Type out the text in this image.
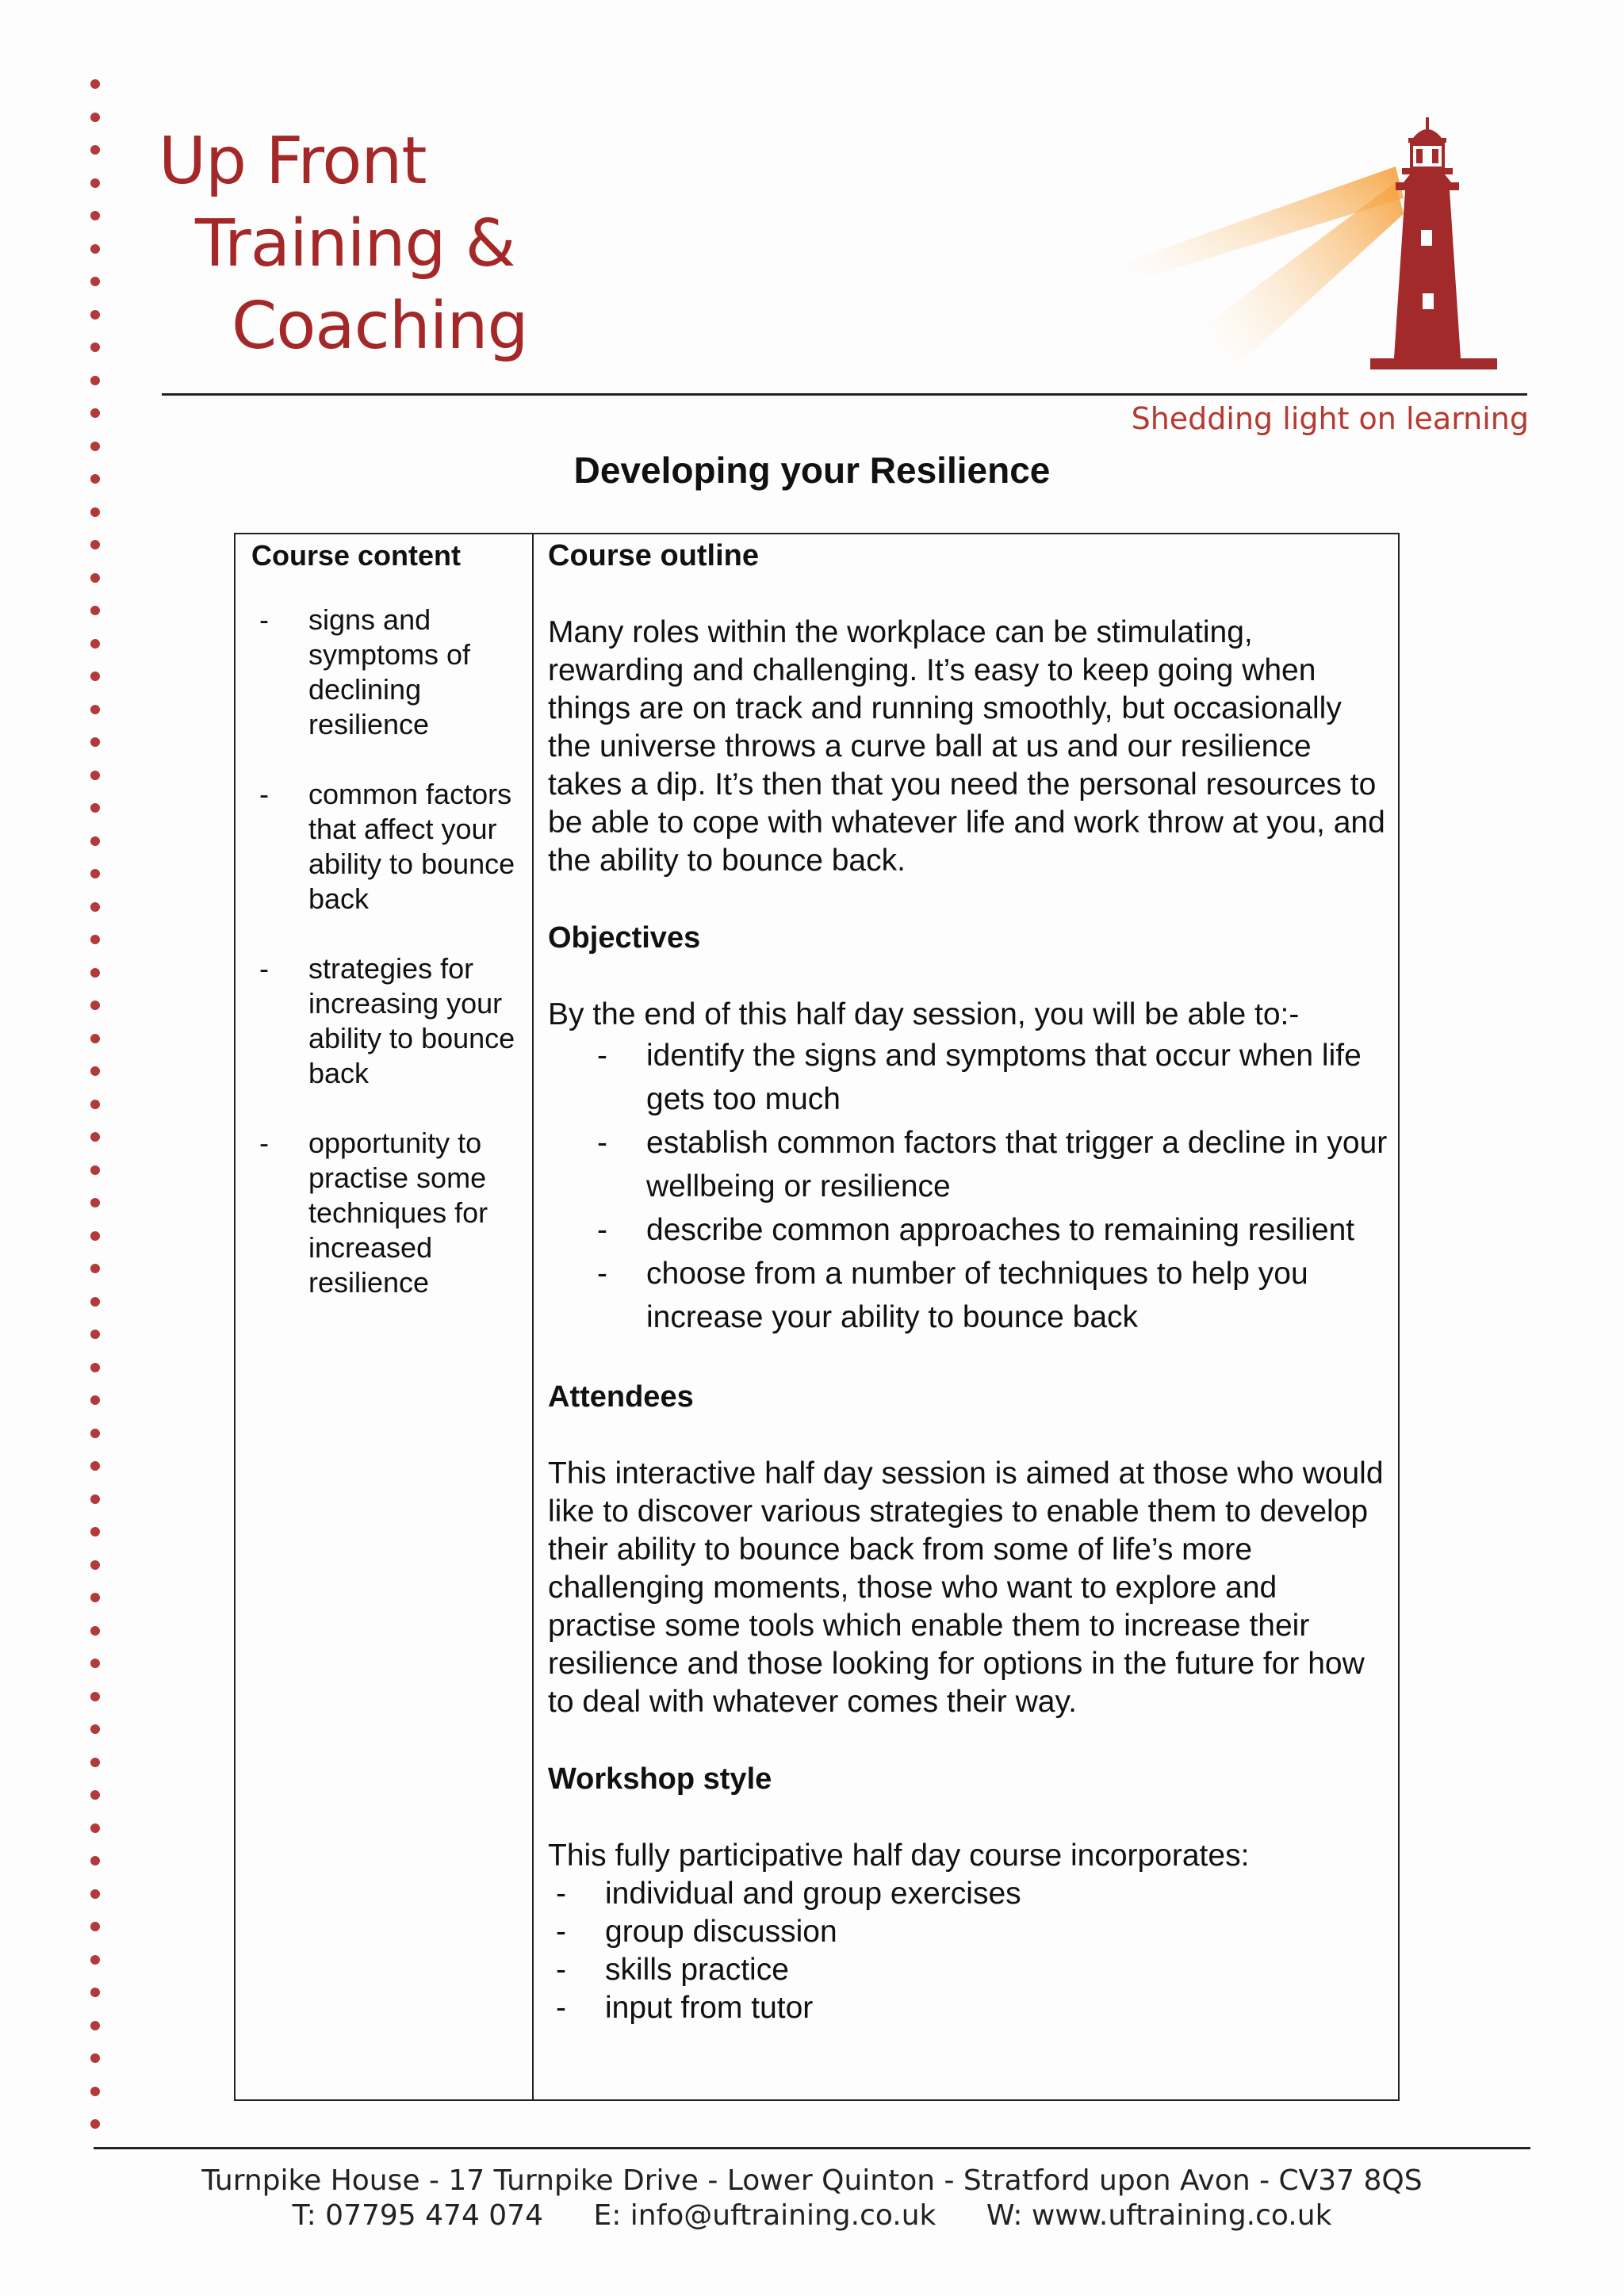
Up Front
Training &
Coaching
Shedding light on learning
Developing your Resilience
Course content
- signs and symptoms of declining resilience
- common factors that affect your ability to bounce back
- strategies for increasing your ability to bounce back
- opportunity to practise some techniques for increased resilience
Course outline

Many roles within the workplace can be stimulating, rewarding and challenging. It’s easy to keep going when things are on track and running smoothly, but occasionally the universe throws a curve ball at us and our resilience takes a dip. It’s then that you need the personal resources to be able to cope with whatever life and work throw at you, and the ability to bounce back.

Objectives

By the end of this half day session, you will be able to:-

- identify the signs and symptoms that occur when life gets too much
- establish common factors that trigger a decline in your wellbeing or resilience
- describe common approaches to remaining resilient
- choose from a number of techniques to help you increase your ability to bounce back
Attendees

This interactive half day session is aimed at those who would like to discover various strategies to enable them to develop their ability to bounce back from some of life’s more challenging moments, those who want to explore and practise some tools which enable them to increase their resilience and those looking for options in the future for how to deal with whatever comes their way.

Workshop style

This fully participative half day course incorporates:

- individual and group exercises
- group discussion
- skills practice
- input from tutor
Turnpike House - 17 Turnpike Drive - Lower Quinton - Stratford upon Avon - CV37 8QS
T: 07795 474 074 E: info@uftraining.co.uk W: www.uftraining.co.uk
